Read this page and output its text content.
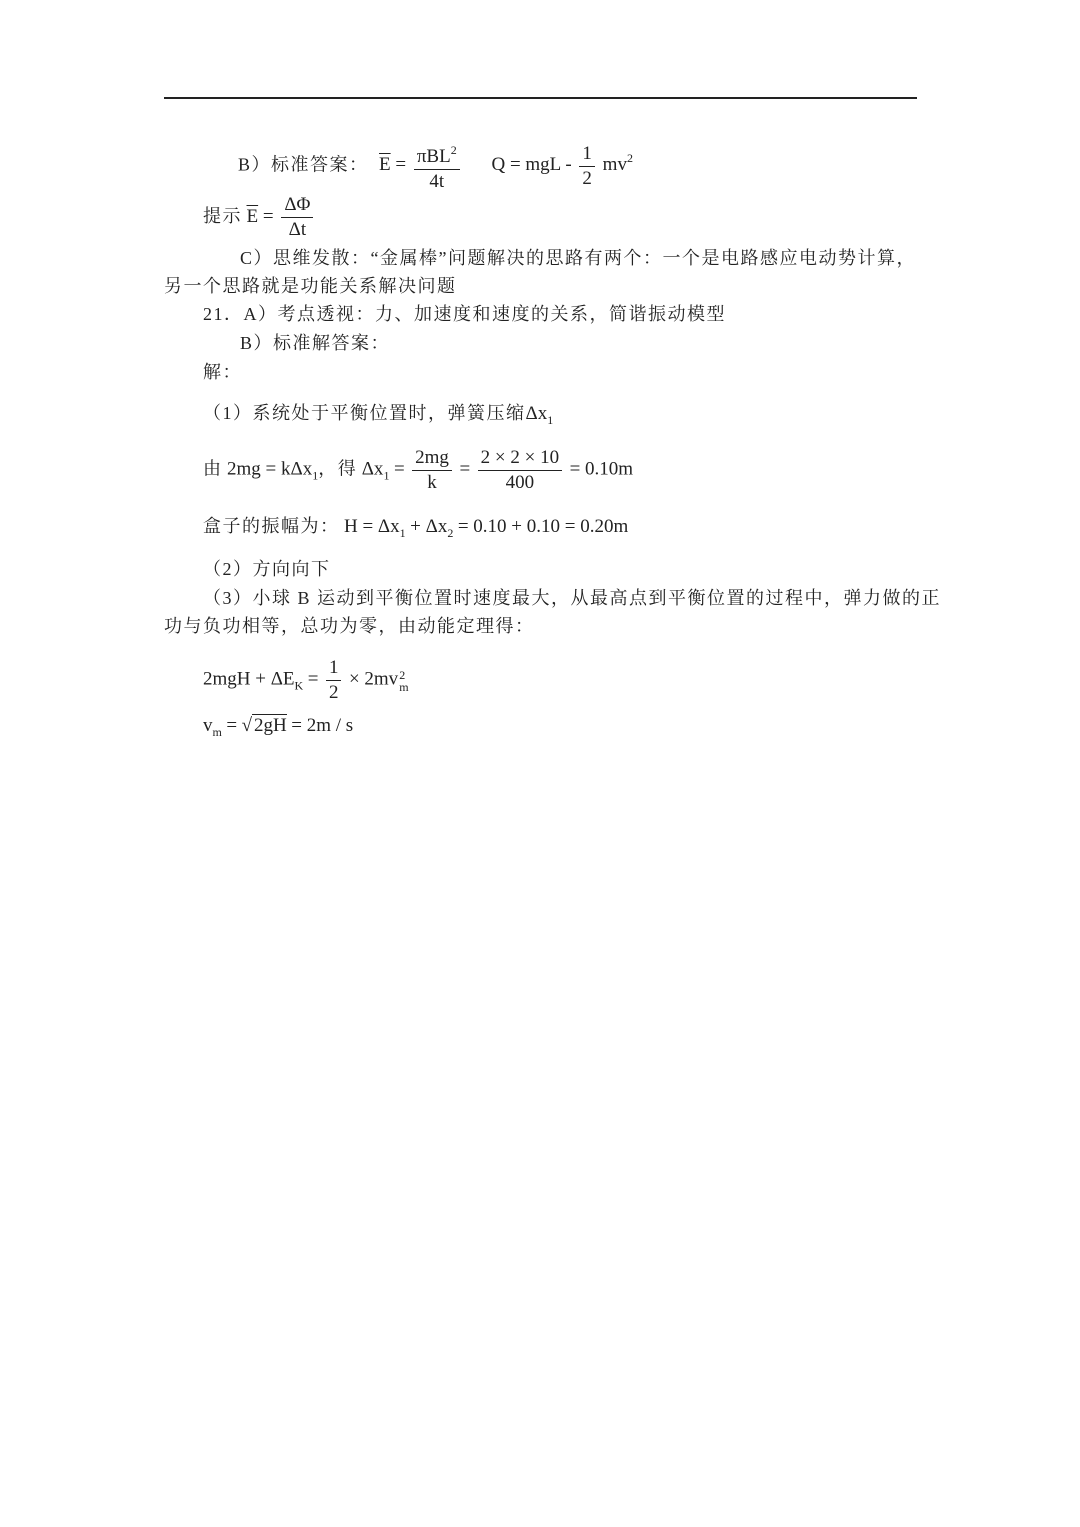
B）标准答案： $\overline{E} = \frac{\pi BL^2}{4t}$ Q = mgL - $\frac{1}{2} mv^2$
提示 $\overline{E} = \frac{\Delta\Phi}{\Delta t}$
C）思维发散：“金属棒”问题解决的思路有两个：一个是电路感应电动势计算，
另一个思路就是功能关系解决问题
21．A）考点透视：力、加速度和速度的关系，简谐振动模型
B）标准解答案：
解：
（1）系统处于平衡位置时，弹簧压缩$\Delta x_1$
由 2mg = kΔx$_1$，得 $\Delta x_1 = \frac{2mg}{k} = \frac{2 \times 2 \times 10}{400} = 0.10m$
盒子的振幅为： $H = \Delta x_1 + \Delta x_2 = 0.10 + 0.10 = 0.20m$
（2）方向向下
（3）小球 B 运动到平衡位置时速度最大，从最高点到平衡位置的过程中，弹力做的正
功与负功相等，总功为零，由动能定理得：
$2mgH + \Delta E_K = \frac{1}{2} \times 2mv$ 2
m
$v_m$ = √ 2gH = 2m / s
